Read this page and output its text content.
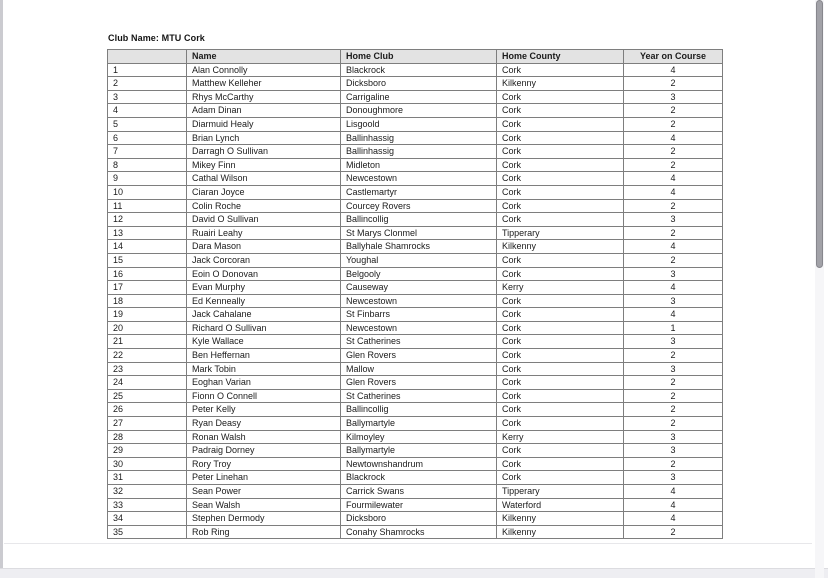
Club Name: MTU Cork
	Name	Home Club	Home County	Year on Course
1	Alan Connolly	Blackrock	Cork	4
2	Matthew Kelleher	Dicksboro	Kilkenny	2
3	Rhys McCarthy	Carrigaline	Cork	3
4	Adam Dinan	Donoughmore	Cork	2
5	Diarmuid Healy	Lisgoold	Cork	2
6	Brian Lynch	Ballinhassig	Cork	4
7	Darragh O Sullivan	Ballinhassig	Cork	2
8	Mikey Finn	Midleton	Cork	2
9	Cathal Wilson	Newcestown	Cork	4
10	Ciaran Joyce	Castlemartyr	Cork	4
11	Colin Roche	Courcey Rovers	Cork	2
12	David O Sullivan	Ballincollig	Cork	3
13	Ruairi Leahy	St Marys Clonmel	Tipperary	2
14	Dara Mason	Ballyhale Shamrocks	Kilkenny	4
15	Jack Corcoran	Youghal	Cork	2
16	Eoin O Donovan	Belgooly	Cork	3
17	Evan Murphy	Causeway	Kerry	4
18	Ed Kenneally	Newcestown	Cork	3
19	Jack Cahalane	St Finbarrs	Cork	4
20	Richard O Sullivan	Newcestown	Cork	1
21	Kyle Wallace	St Catherines	Cork	3
22	Ben Heffernan	Glen Rovers	Cork	2
23	Mark Tobin	Mallow	Cork	3
24	Eoghan Varian	Glen Rovers	Cork	2
25	Fionn O Connell	St Catherines	Cork	2
26	Peter Kelly	Ballincollig	Cork	2
27	Ryan Deasy	Ballymartyle	Cork	2
28	Ronan Walsh	Kilmoyley	Kerry	3
29	Padraig Dorney	Ballymartyle	Cork	3
30	Rory Troy	Newtownshandrum	Cork	2
31	Peter Linehan	Blackrock	Cork	3
32	Sean Power	Carrick Swans	Tipperary	4
33	Sean Walsh	Fourmilewater	Waterford	4
34	Stephen Dermody	Dicksboro	Kilkenny	4
35	Rob Ring	Conahy Shamrocks	Kilkenny	2
